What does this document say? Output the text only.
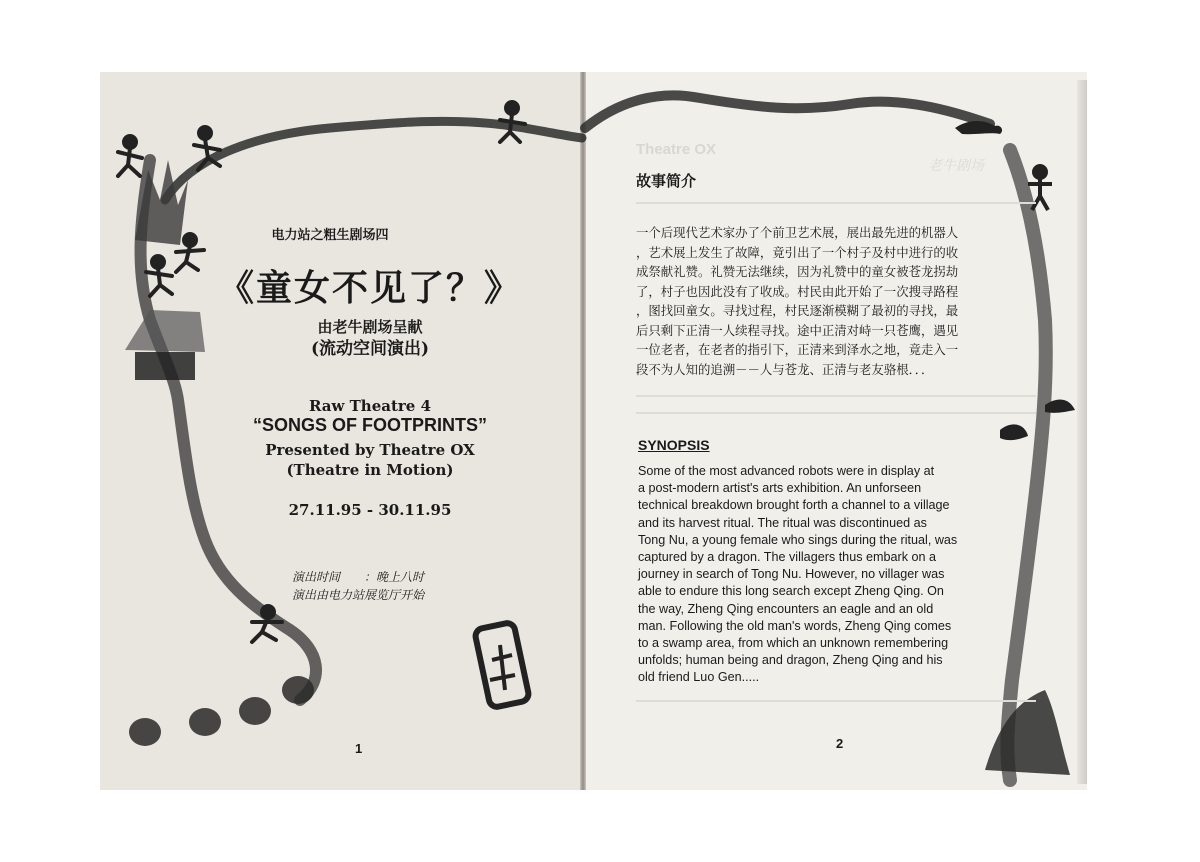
电力站之粗生剧场四
《童女不见了？》
由老牛剧场呈献
(流动空间演出)
Raw Theatre 4
“SONGS OF FOOTPRINTS”
Presented by Theatre OX
(Theatre in Motion)
27.11.95 - 30.11.95
演出时间 ：晚上八时
演出由电力站展览厅开始
1
Theatre OX
老牛剧场
故事简介
一个后现代艺术家办了个前卫艺术展，展出最先进的机器人
，艺术展上发生了故障，竟引出了一个村子及村中进行的收
成祭献礼赞。礼赞无法继续，因为礼赞中的童女被苍龙拐劫
了，村子也因此没有了收成。村民由此开始了一次搜寻路程
，图找回童女。寻找过程，村民逐渐模糊了最初的寻找，最
后只剩下正清一人续程寻找。途中正清对峙一只苍鹰，遇见
一位老者，在老者的指引下，正清来到泽水之地，竟走入一
段不为人知的追溯－－人与苍龙、正清与老友骆根．．．
SYNOPSIS
Some of the most advanced robots were in display at
a post-modern artist's arts exhibition. An unforseen
technical breakdown brought forth a channel to a village
and its harvest ritual. The ritual was discontinued as
Tong Nu, a young female who sings during the ritual, was
captured by a dragon. The villagers thus embark on a
journey in search of Tong Nu. However, no villager was
able to endure this long search except Zheng Qing. On
the way, Zheng Qing encounters an eagle and an old
man. Following the old man's words, Zheng Qing comes
to a swamp area, from which an unknown remembering
unfolds; human being and dragon, Zheng Qing and his
old friend Luo Gen.....
2
